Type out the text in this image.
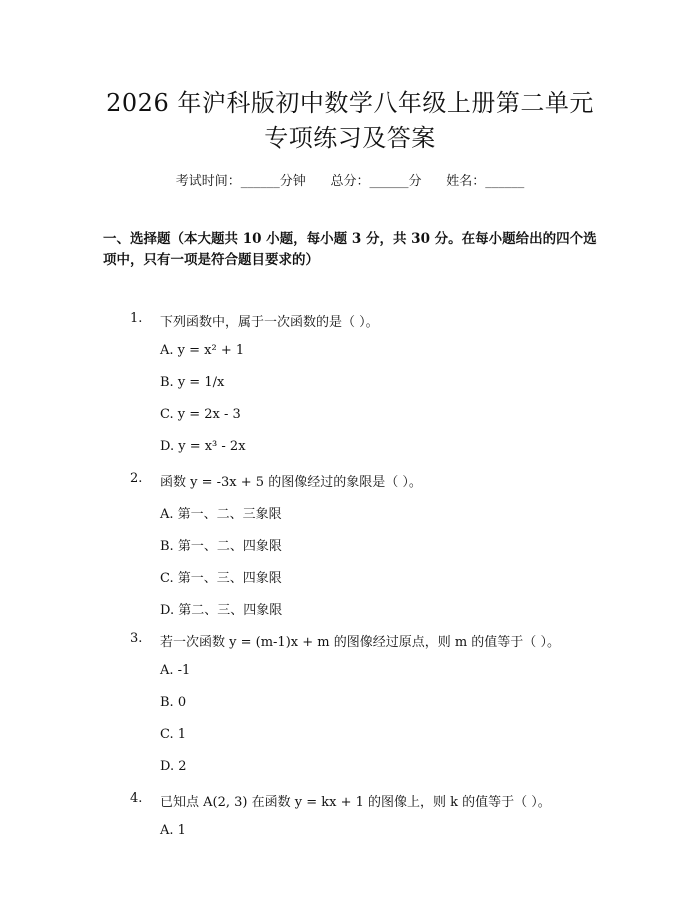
2026 年沪科版初中数学八年级上册第二单元
专项练习及答案
考试时间：______分钟      总分：______分      姓名：______
一、选择题（本大题共 10 小题，每小题 3 分，共 30 分。在每小题给出的四个选项中，只有一项是符合题目要求的）
1. 下列函数中，属于一次函数的是（ ）。
A. y = x² + 1
B. y = 1/x
C. y = 2x - 3
D. y = x³ - 2x
2. 函数 y = -3x + 5 的图像经过的象限是（ ）。
A. 第一、二、三象限
B. 第一、二、四象限
C. 第一、三、四象限
D. 第二、三、四象限
3. 若一次函数 y = (m-1)x + m 的图像经过原点，则 m 的值等于（ ）。
A. -1
B. 0
C. 1
D. 2
4. 已知点 A(2, 3) 在函数 y = kx + 1 的图像上，则 k 的值等于（ ）。
A. 1
